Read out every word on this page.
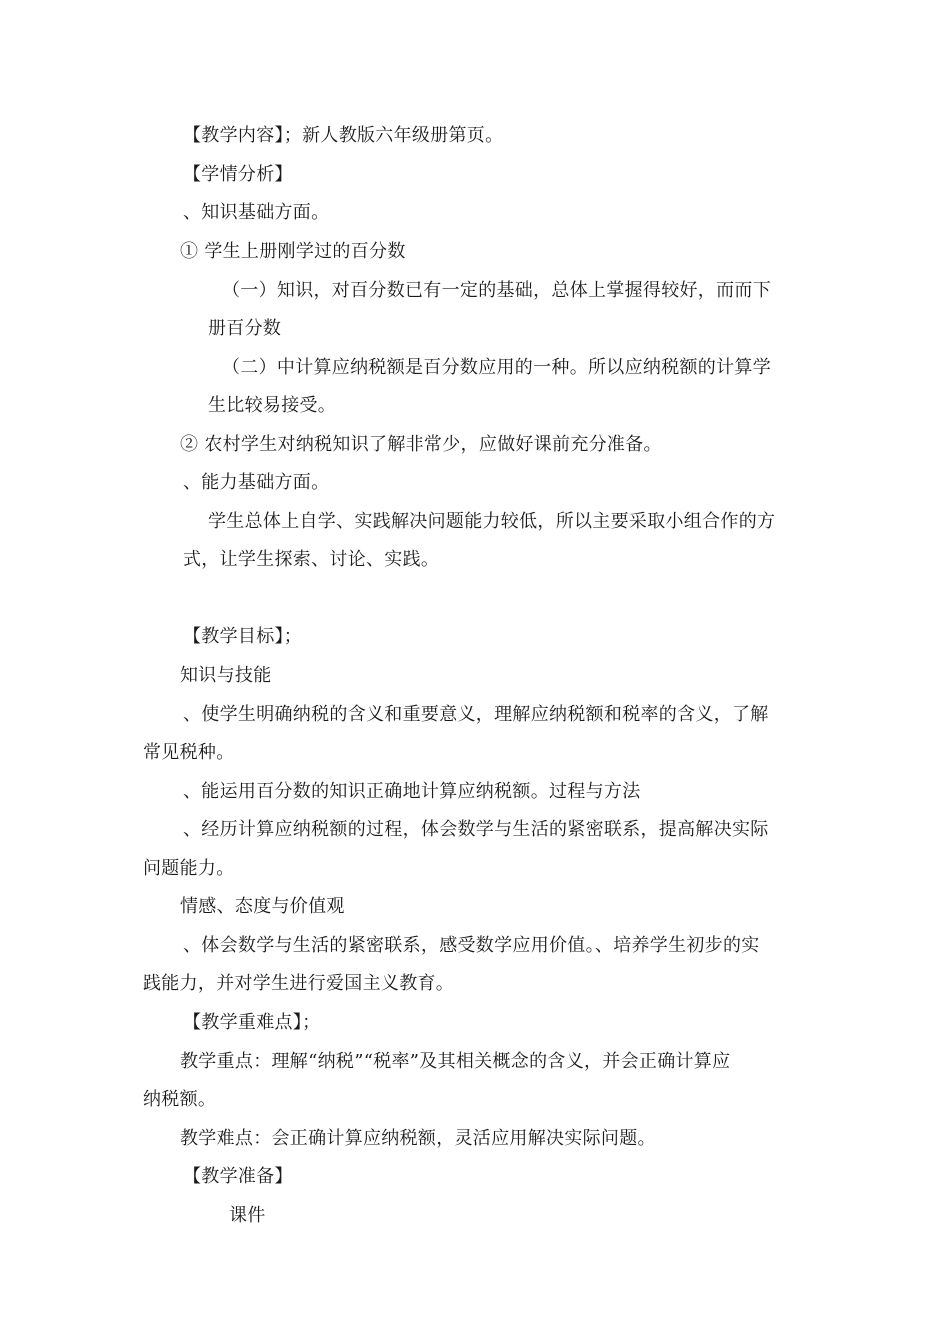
【教学内容】；新人教版六年级册第页。
【学情分析】
、知识基础方面。
① 学生上册刚学过的百分数
（一）知识，对百分数已有一定的基础，总体上掌握得较好，而而下
册百分数
（二）中计算应纳税额是百分数应用的一种。所以应纳税额的计算学
生比较易接受。
② 农村学生对纳税知识了解非常少，应做好课前充分准备。
、能力基础方面。
学生总体上自学、实践解决问题能力较低，所以主要采取小组合作的方
式，让学生探索、讨论、实践。
【教学目标】；
知识与技能
、使学生明确纳税的含义和重要意义，理解应纳税额和税率的含义，了解
常见税种。
、能运用百分数的知识正确地计算应纳税额。过程与方法
、经历计算应纳税额的过程，体会数学与生活的紧密联系，提高解决实际
问题能力。
情感、态度与价值观
、体会数学与生活的紧密联系，感受数学应用价值。、培养学生初步的实
践能力，并对学生进行爱国主义教育。
【教学重难点】；
教学重点：理解“纳税”“税率”及其相关概念的含义，并会正确计算应
纳税额。
教学难点：会正确计算应纳税额，灵活应用解决实际问题。
【教学准备】
课件
